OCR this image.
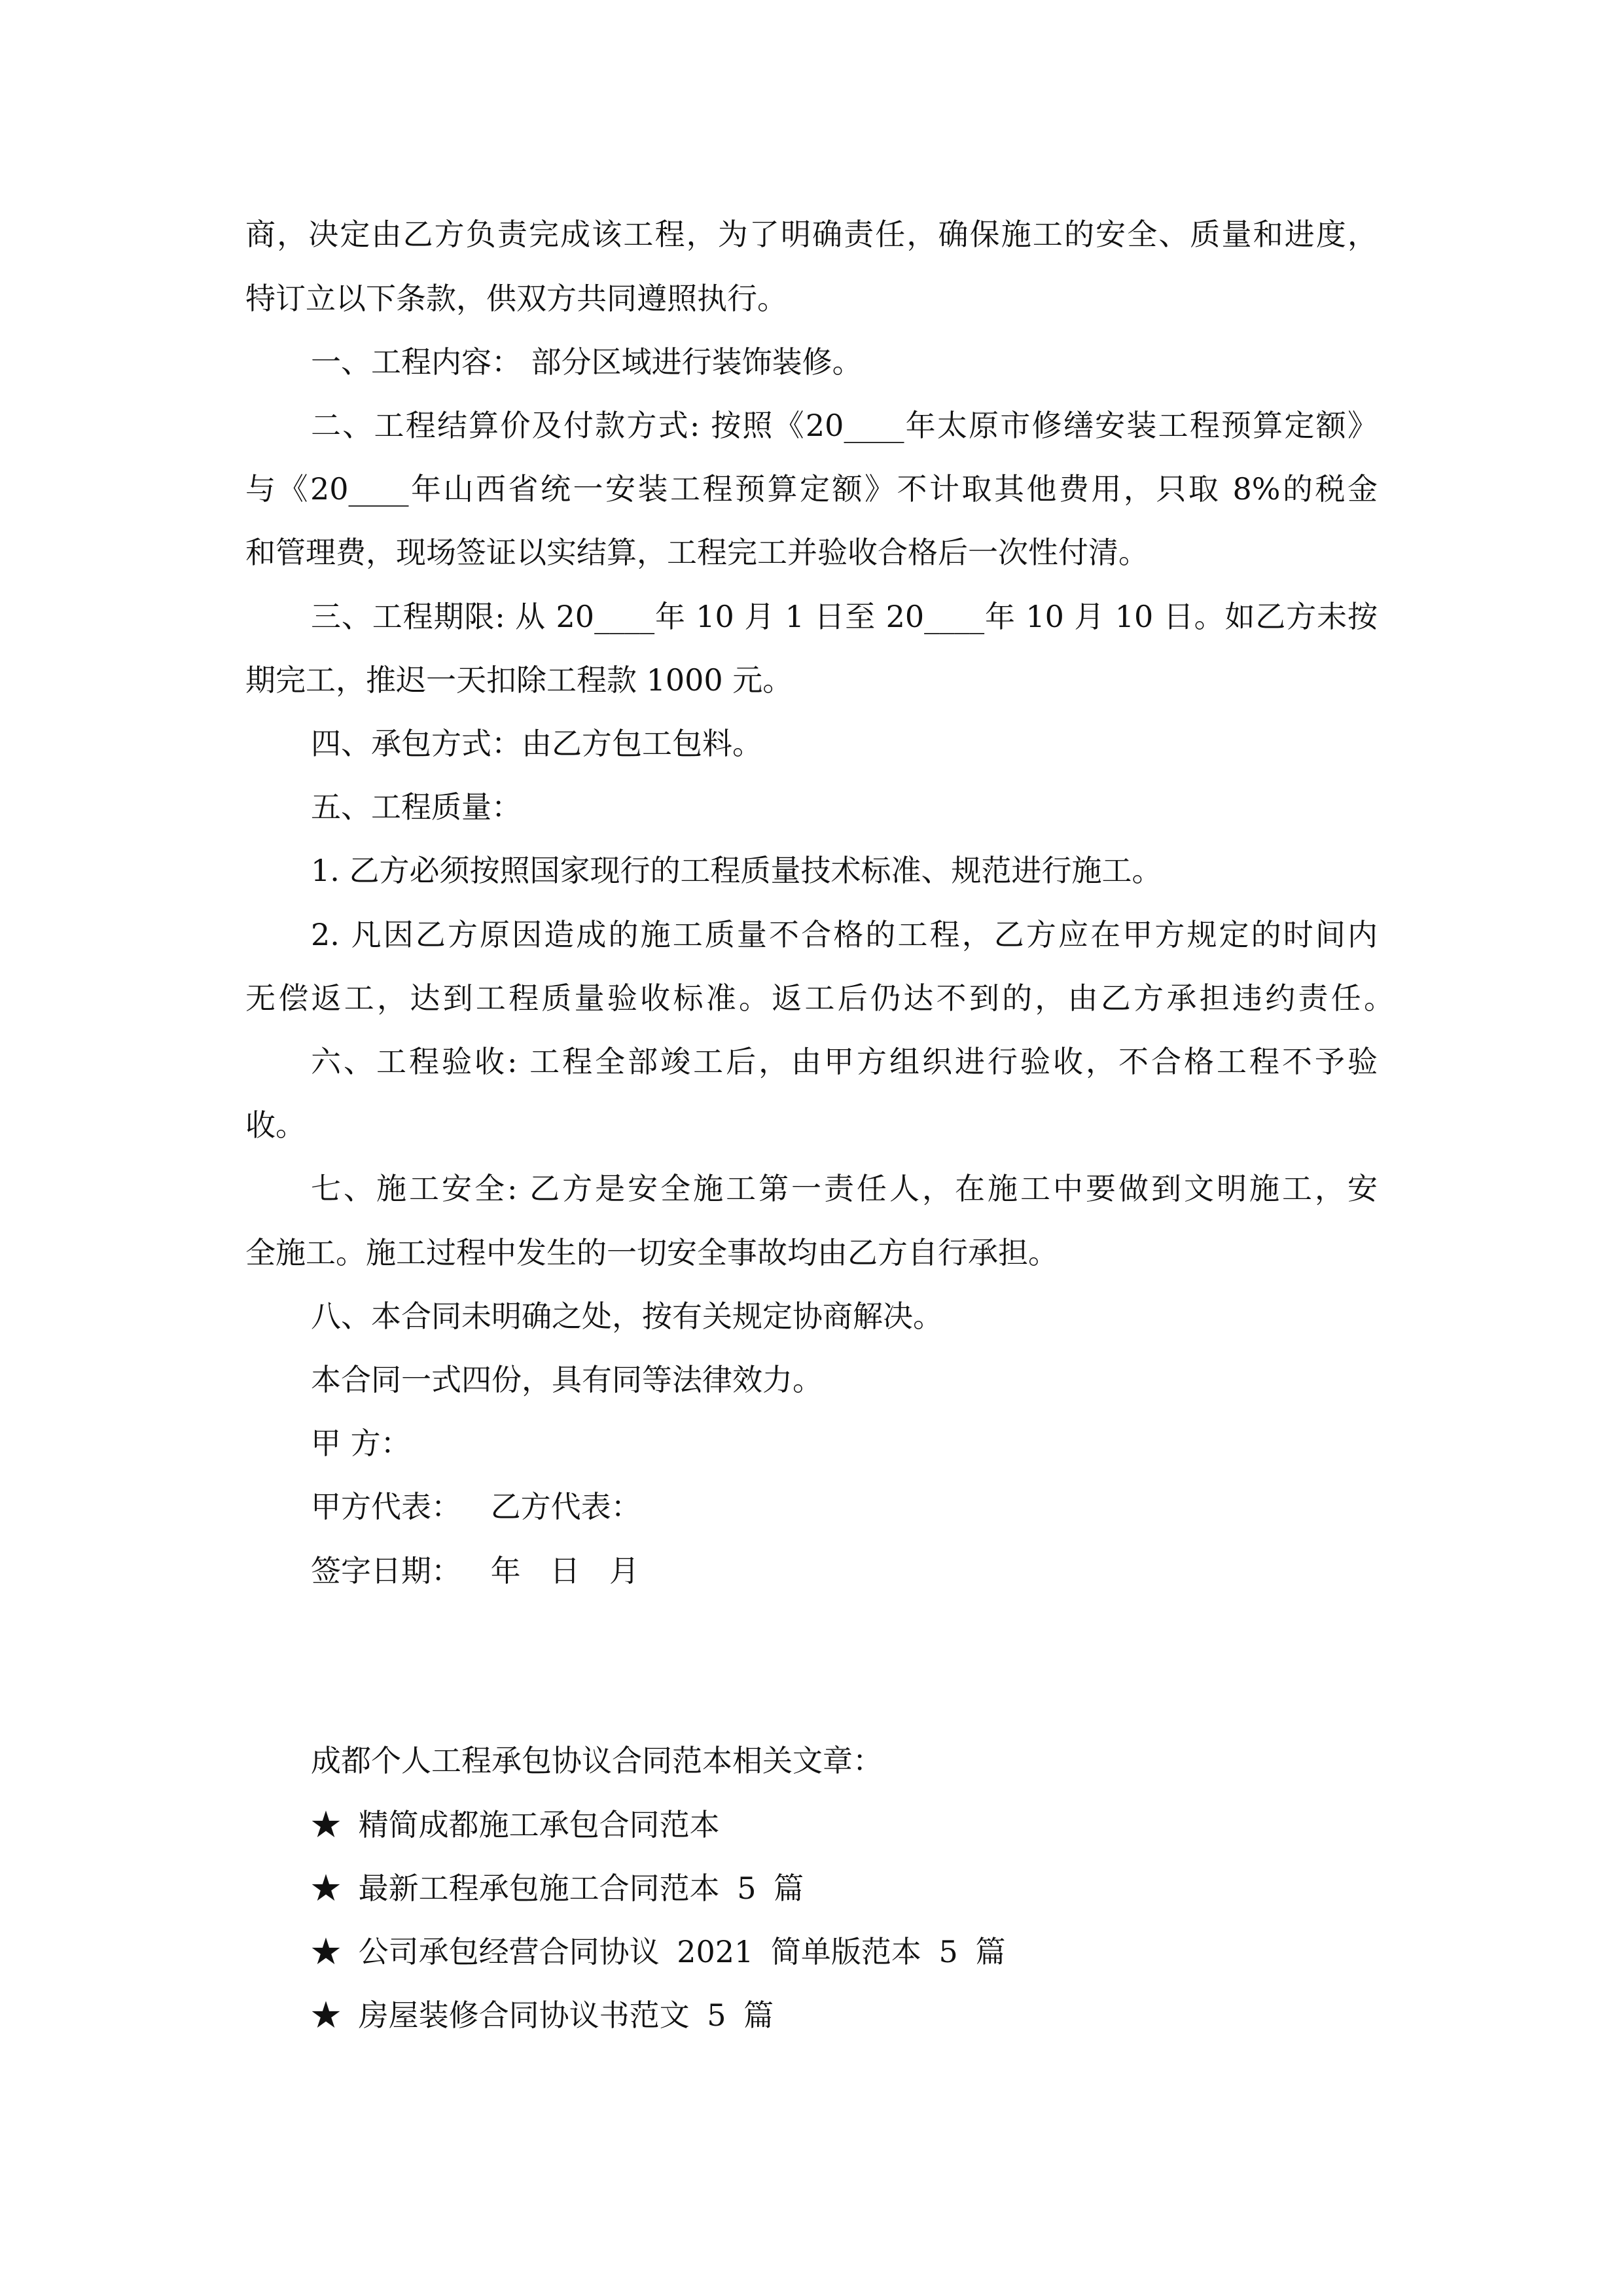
商，决定由乙方负责完成该工程，为了明确责任，确保施工的安全、质量和进度，
特订立以下条款，供双方共同遵照执行。
一、工程内容： 部分区域进行装饰装修。
二、工程结算价及付款方式: 按照《20____年太原市修缮安装工程预算定额》
与《20____年山西省统一安装工程预算定额》不计取其他费用，只取 8%的税金
和管理费，现场签证以实结算，工程完工并验收合格后一次性付清。
三、工程期限: 从 20____年 10 月 1 日至 20____年 10 月 10 日。如乙方未按
期完工，推迟一天扣除工程款 1000 元。
四、承包方式：由乙方包工包料。
五、工程质量：
1. 乙方必须按照国家现行的工程质量技术标准、规范进行施工。
2. 凡因乙方原因造成的施工质量不合格的工程，乙方应在甲方规定的时间内
无偿返工，达到工程质量验收标准。返工后仍达不到的，由乙方承担违约责任。
六、工程验收: 工程全部竣工后，由甲方组织进行验收，不合格工程不予验
收。
七、施工安全: 乙方是安全施工第一责任人，在施工中要做到文明施工，安
全施工。施工过程中发生的一切安全事故均由乙方自行承担。
八、本合同未明确之处，按有关规定协商解决。
本合同一式四份，具有同等法律效力。
甲 方：
甲方代表： 乙方代表：
签字日期： 年 日 月
成都个人工程承包协议合同范本相关文章：
★ 精简成都施工承包合同范本
★ 最新工程承包施工合同范本 5 篇
★ 公司承包经营合同协议 2021 简单版范本 5 篇
★ 房屋装修合同协议书范文 5 篇
